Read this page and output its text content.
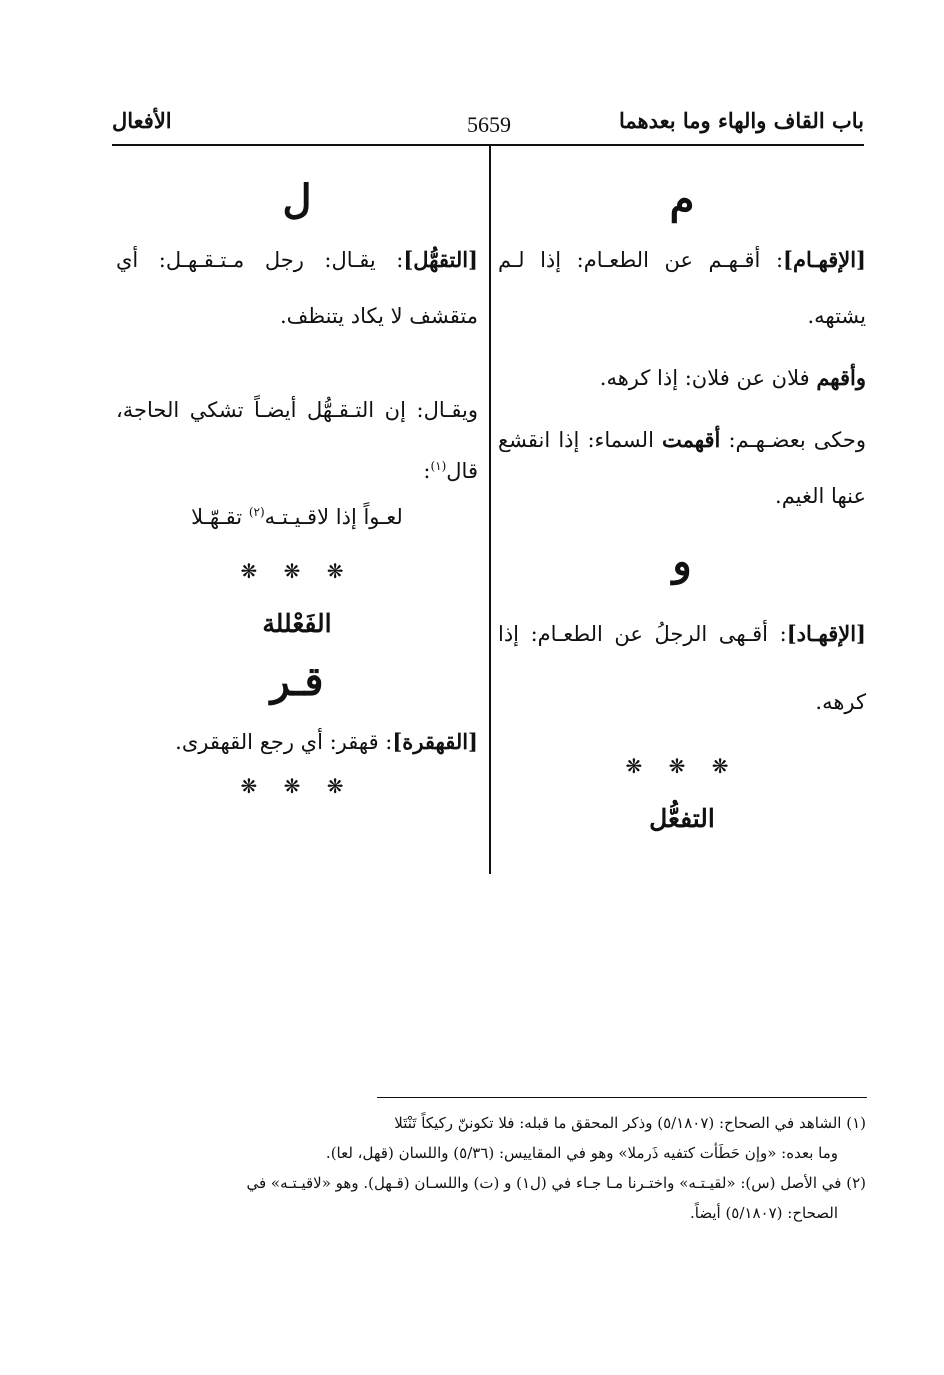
باب القاف والهاء وما بعدهما
5659
الأفعال

م

[الإقهـام]: أقـهـم عن الطعـام: إذا لـم يشتهه.

وأقهم فلان عن فلان: إذا كرهه.

وحكى بعضـهـم: أقهمت السماء: إذا انقشع عنها الغيم.

و

[الإقهـاد]: أقـهى الرجلُ عن الطعـام: إذا كرهه.

❋ ❋ ❋

التفعُّل

ل

[التقهُّل]: يقـال: رجل مـتـقـهـل: أي متقشف لا يكاد يتنظف.

ويقـال: إن التـقـهُّل أيضـاً تشكي الحاجة، قال$^{(١)}$:

لعـواً إذا لاقـيـتـه$^{(٢)}$ تقـهّـلا

❋ ❋ ❋

الفَعْللة

قـر

[القهقرة]: قهقر: أي رجع القهقرى.

❋ ❋ ❋

(١) الشاهد في الصحاح: (٥/١٨٠٧) وذكر المحقق ما قبله: فلا تكوننّ ركيكاً تَنْتَلا

وما بعده: «وإن حَطَأت كتفيه ذَرملا» وهو في المقاييس: (٥/٣٦) واللسان (قهل، لعا).

(٢) في الأصل (س): «لقيـتـه» واختـرنا مـا جـاء في (ل١) و (ت) واللسـان (قـهل). وهو «لاقيـتـه» في

الصحاح: (٥/١٨٠٧) أيضاً.
